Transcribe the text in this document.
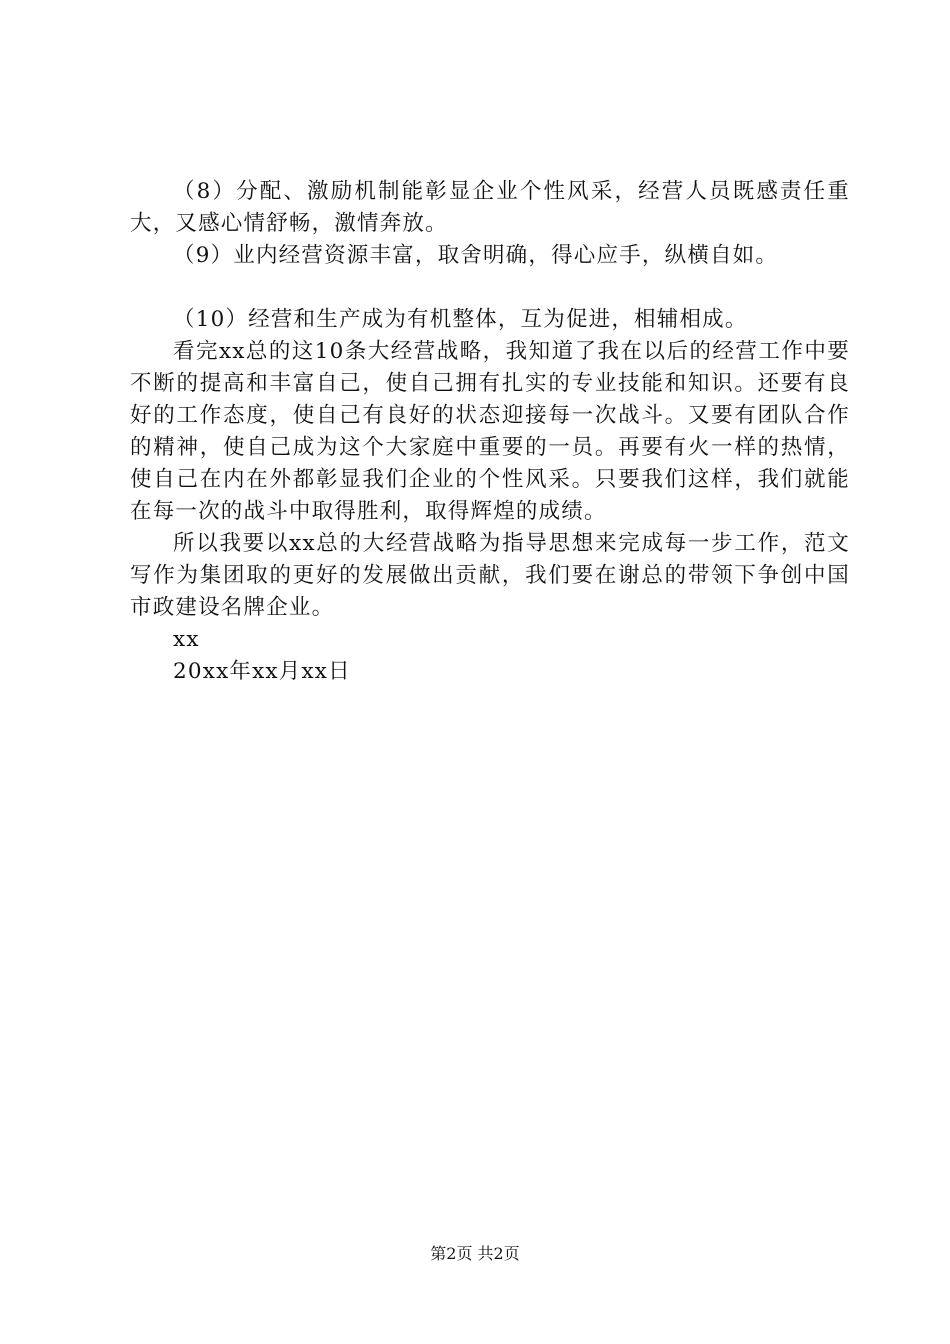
（8）分配、激励机制能彰显企业个性风采，经营人员既感责任重大，又感心情舒畅，激情奔放。

（9）业内经营资源丰富，取舍明确，得心应手，纵横自如。

（10）经营和生产成为有机整体，互为促进，相辅相成。

看完xx总的这10条大经营战略，我知道了我在以后的经营工作中要不断的提高和丰富自己，使自己拥有扎实的专业技能和知识。还要有良好的工作态度，使自己有良好的状态迎接每一次战斗。又要有团队合作的精神，使自己成为这个大家庭中重要的一员。再要有火一样的热情，使自己在内在外都彰显我们企业的个性风采。只要我们这样，我们就能在每一次的战斗中取得胜利，取得辉煌的成绩。

所以我要以xx总的大经营战略为指导思想来完成每一步工作，范文写作为集团取的更好的发展做出贡献，我们要在谢总的带领下争创中国市政建设名牌企业。

xx

20xx年xx月xx日

第2页 共2页
